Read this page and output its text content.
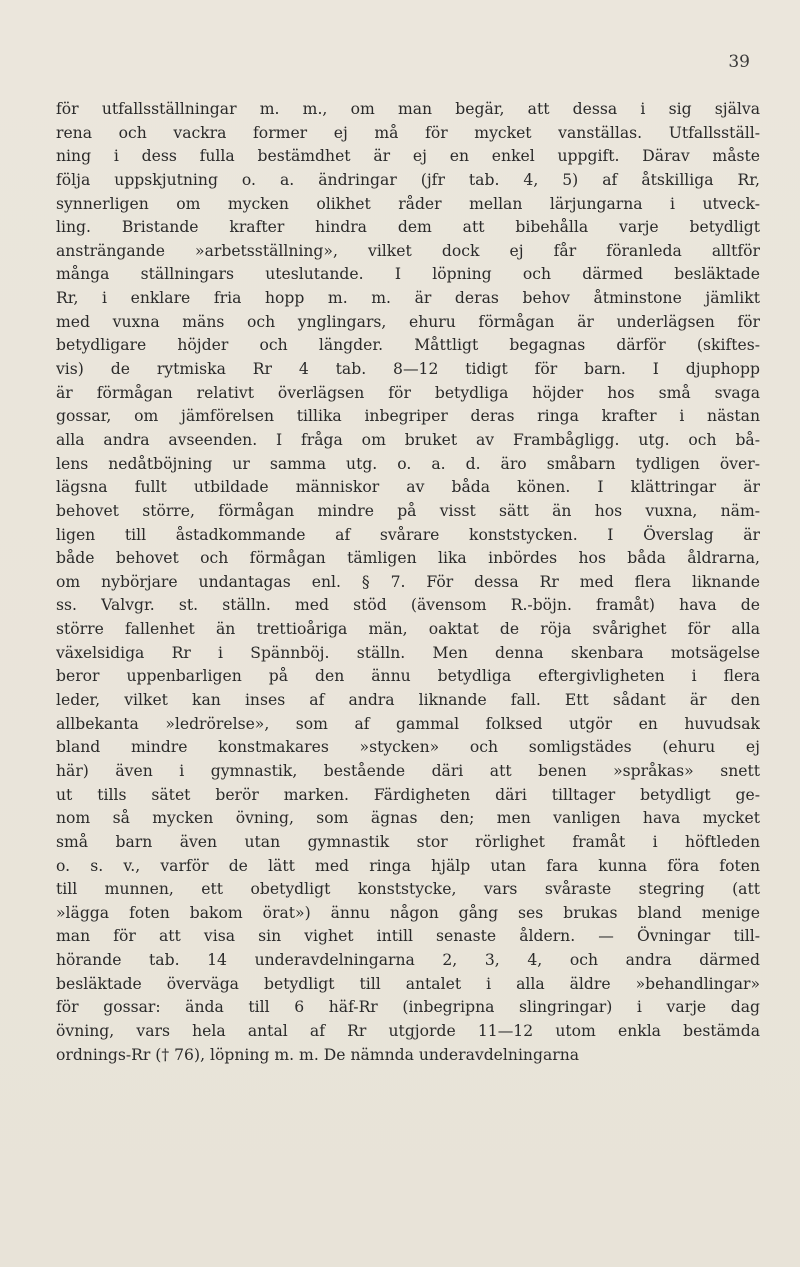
39
för utfallsställningar m. m., om man begär, att dessa i sig själva
rena och vackra former ej må för mycket vanställas. Utfallsställ-
ning i dess fulla bestämdhet är ej en enkel uppgift. Därav måste
följa uppskjutning o. a. ändringar (jfr tab. 4, 5) af åtskilliga Rr,
synnerligen om mycken olikhet råder mellan lärjungarna i utveck-
ling. Bristande krafter hindra dem att bibehålla varje betydligt
ansträngande »arbetsställning», vilket dock ej får föranleda alltför
många ställningars uteslutande. I löpning och därmed besläktade
Rr, i enklare fria hopp m. m. är deras behov åtminstone jämlikt
med vuxna mäns och ynglingars, ehuru förmågan är underlägsen för
betydligare höjder och längder. Måttligt begagnas därför (skiftes-
vis) de rytmiska Rr 4 tab. 8—12 tidigt för barn. I djuphopp
är förmågan relativt överlägsen för betydliga höjder hos små svaga
gossar, om jämförelsen tillika inbegriper deras ringa krafter i nästan
alla andra avseenden. I fråga om bruket av Frambågligg. utg. och bå-
lens nedåtböjning ur samma utg. o. a. d. äro småbarn tydligen över-
lägsna fullt utbildade människor av båda könen. I klättringar är
behovet större, förmågan mindre på visst sätt än hos vuxna, näm-
ligen till åstadkommande af svårare konststycken. I Överslag är
både behovet och förmågan tämligen lika inbördes hos båda åldrarna,
om nybörjare undantagas enl. § 7. För dessa Rr med flera liknande
ss. Valvgr. st. ställn. med stöd (ävensom R.-böjn. framåt) hava de
större fallenhet än trettioåriga män, oaktat de röja svårighet för alla
växelsidiga Rr i Spännböj. ställn. Men denna skenbara motsägelse
beror uppenbarligen på den ännu betydliga eftergivligheten i flera
leder, vilket kan inses af andra liknande fall. Ett sådant är den
allbekanta »ledrörelse», som af gammal folksed utgör en huvudsak
bland mindre konstmakares »stycken» och somligstädes (ehuru ej
här) även i gymnastik, bestående däri att benen »språkas» snett
ut tills sätet berör marken. Färdigheten däri tilltager betydligt ge-
nom så mycken övning, som ägnas den; men vanligen hava mycket
små barn även utan gymnastik stor rörlighet framåt i höftleden
o. s. v., varför de lätt med ringa hjälp utan fara kunna föra foten
till munnen, ett obetydligt konststycke, vars svåraste stegring (att
»lägga foten bakom örat») ännu någon gång ses brukas bland menige
man för att visa sin vighet intill senaste åldern. — Övningar till-
hörande tab. 14 underavdelningarna 2, 3, 4, och andra därmed
besläktade överväga betydligt till antalet i alla äldre »behandlingar»
för gossar: ända till 6 häf-Rr (inbegripna slingringar) i varje dag
övning, vars hela antal af Rr utgjorde 11—12 utom enkla bestämda
ordnings-Rr († 76), löpning m. m. De nämnda underavdelningarna
